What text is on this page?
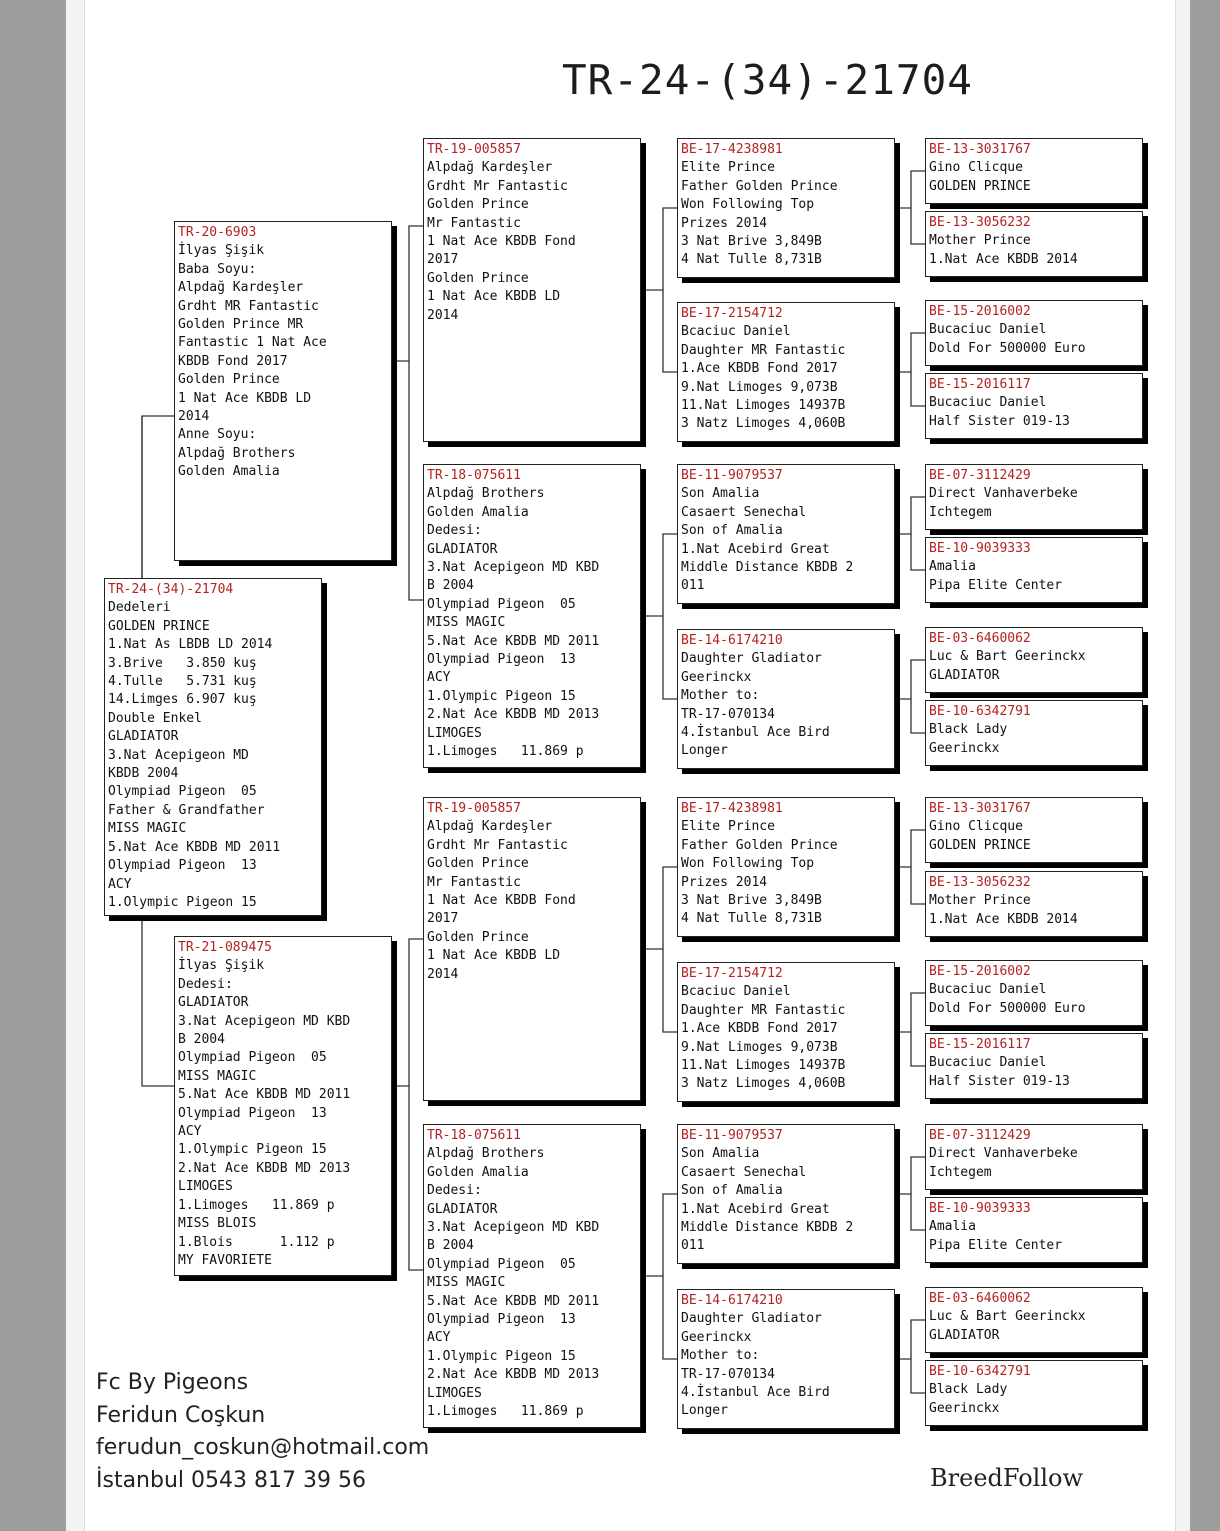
TR-24-(34)-21704
TR-24-(34)-21704
Dedeleri
GOLDEN PRINCE
1.Nat As LBDB LD 2014
3.Brive   3.850 kuş
4.Tulle   5.731 kuş
14.Limges 6.907 kuş
Double Enkel
GLADIATOR
3.Nat Acepigeon MD
KBDB 2004
Olympiad Pigeon  05
Father & Grandfather
MISS MAGIC
5.Nat Ace KBDB MD 2011
Olympiad Pigeon  13
ACY
1.Olympic Pigeon 15
TR-20-6903
İlyas Şişik
Baba Soyu:
Alpdağ Kardeşler
Grdht MR Fantastic
Golden Prince MR
Fantastic 1 Nat Ace
KBDB Fond 2017
Golden Prince
1 Nat Ace KBDB LD
2014
Anne Soyu:
Alpdağ Brothers
Golden Amalia
TR-21-089475
İlyas Şişik
Dedesi:
GLADIATOR
3.Nat Acepigeon MD KBD
B 2004
Olympiad Pigeon  05
MISS MAGIC
5.Nat Ace KBDB MD 2011
Olympiad Pigeon  13
ACY
1.Olympic Pigeon 15
2.Nat Ace KBDB MD 2013
LIMOGES
1.Limoges   11.869 p
MISS BLOIS
1.Blois      1.112 p
MY FAVORIETE
TR-19-005857
Alpdağ Kardeşler
Grdht Mr Fantastic
Golden Prince
Mr Fantastic
1 Nat Ace KBDB Fond
2017
Golden Prince
1 Nat Ace KBDB LD
2014
TR-18-075611
Alpdağ Brothers
Golden Amalia
Dedesi:
GLADIATOR
3.Nat Acepigeon MD KBD
B 2004
Olympiad Pigeon  05
MISS MAGIC
5.Nat Ace KBDB MD 2011
Olympiad Pigeon  13
ACY
1.Olympic Pigeon 15
2.Nat Ace KBDB MD 2013
LIMOGES
1.Limoges   11.869 p
TR-19-005857
Alpdağ Kardeşler
Grdht Mr Fantastic
Golden Prince
Mr Fantastic
1 Nat Ace KBDB Fond
2017
Golden Prince
1 Nat Ace KBDB LD
2014
TR-18-075611
Alpdağ Brothers
Golden Amalia
Dedesi:
GLADIATOR
3.Nat Acepigeon MD KBD
B 2004
Olympiad Pigeon  05
MISS MAGIC
5.Nat Ace KBDB MD 2011
Olympiad Pigeon  13
ACY
1.Olympic Pigeon 15
2.Nat Ace KBDB MD 2013
LIMOGES
1.Limoges   11.869 p
BE-17-4238981
Elite Prince
Father Golden Prince
Won Following Top
Prizes 2014
3 Nat Brive 3,849B
4 Nat Tulle 8,731B
BE-17-2154712
Bcaciuc Daniel
Daughter MR Fantastic
1.Ace KBDB Fond 2017
9.Nat Limoges 9,073B
11.Nat Limoges 14937B
3 Natz Limoges 4,060B
BE-11-9079537
Son Amalia
Casaert Senechal
Son of Amalia
1.Nat Acebird Great
Middle Distance KBDB 2
011
BE-14-6174210
Daughter Gladiator
Geerinckx
Mother to:
TR-17-070134
4.İstanbul Ace Bird
Longer
BE-17-4238981
Elite Prince
Father Golden Prince
Won Following Top
Prizes 2014
3 Nat Brive 3,849B
4 Nat Tulle 8,731B
BE-17-2154712
Bcaciuc Daniel
Daughter MR Fantastic
1.Ace KBDB Fond 2017
9.Nat Limoges 9,073B
11.Nat Limoges 14937B
3 Natz Limoges 4,060B
BE-11-9079537
Son Amalia
Casaert Senechal
Son of Amalia
1.Nat Acebird Great
Middle Distance KBDB 2
011
BE-14-6174210
Daughter Gladiator
Geerinckx
Mother to:
TR-17-070134
4.İstanbul Ace Bird
Longer
BE-13-3031767
Gino Clicque
GOLDEN PRINCE
BE-13-3056232
Mother Prince
1.Nat Ace KBDB 2014
BE-15-2016002
Bucaciuc Daniel
Dold For 500000 Euro
BE-15-2016117
Bucaciuc Daniel
Half Sister 019-13
BE-07-3112429
Direct Vanhaverbeke
Ichtegem
BE-10-9039333
Amalia
Pipa Elite Center
BE-03-6460062
Luc & Bart Geerinckx
GLADIATOR
BE-10-6342791
Black Lady
Geerinckx
BE-13-3031767
Gino Clicque
GOLDEN PRINCE
BE-13-3056232
Mother Prince
1.Nat Ace KBDB 2014
BE-15-2016002
Bucaciuc Daniel
Dold For 500000 Euro
BE-15-2016117
Bucaciuc Daniel
Half Sister 019-13
BE-07-3112429
Direct Vanhaverbeke
Ichtegem
BE-10-9039333
Amalia
Pipa Elite Center
BE-03-6460062
Luc & Bart Geerinckx
GLADIATOR
BE-10-6342791
Black Lady
Geerinckx
Fc By Pigeons
Feridun Coşkun
ferudun_coskun@hotmail.com
İstanbul 0543 817 39 56	BreedFollow
